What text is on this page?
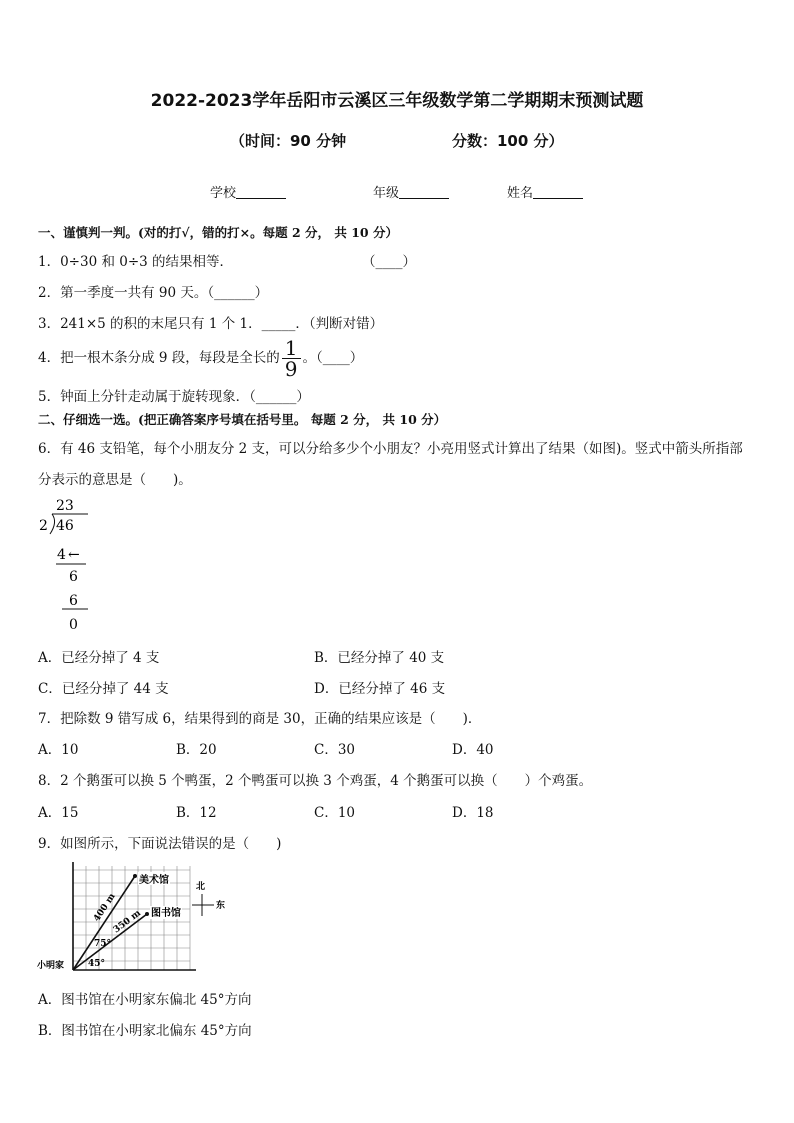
2022-2023学年岳阳市云溪区三年级数学第二学期期末预测试题
（时间：90 分钟	分数：100 分）
学校	年级	姓名
一、谨慎判一判。(对的打√，错的打×。每题 2 分， 共 10 分）
1．0÷30 和 0÷3 的结果相等．	（____）
2．第一季度一共有 90 天。（______）
3．241×5 的积的末尾只有 1 个 1．_____．（判断对错）
4．把一根木条分成 9 段，每段是全长的 $\frac{1}{9}$ 。（____）
5．钟面上分针走动属于旋转现象．（______）
二、仔细选一选。(把正确答案序号填在括号里。 每题 2 分， 共 10 分）
6．有 46 支铅笔，每个小朋友分 2 支，可以分给多少个小朋友？小亮用竖式计算出了结果（如图)。竖式中箭头所指部
分表示的意思是（　　)。
23
2 46
4 ←
6
6
0
A．已经分掉了 4 支	B．已经分掉了 40 支
C．已经分掉了 44 支	D．已经分掉了 46 支
7．把除数 9 错写成 6，结果得到的商是 30，正确的结果应该是（　　)．
A．10	B．20	C．30	D．40
8．2 个鹅蛋可以换 5 个鸭蛋，2 个鸭蛋可以换 3 个鸡蛋，4 个鹅蛋可以换（　　）个鸡蛋。
A．15	B．12	C．10	D．18
9．如图所示，下面说法错误的是（　　)
美术馆
图书馆
400 m
350 m
75°
45°
小明家
北
东
A．图书馆在小明家东偏北 45°方向
B．图书馆在小明家北偏东 45°方向
